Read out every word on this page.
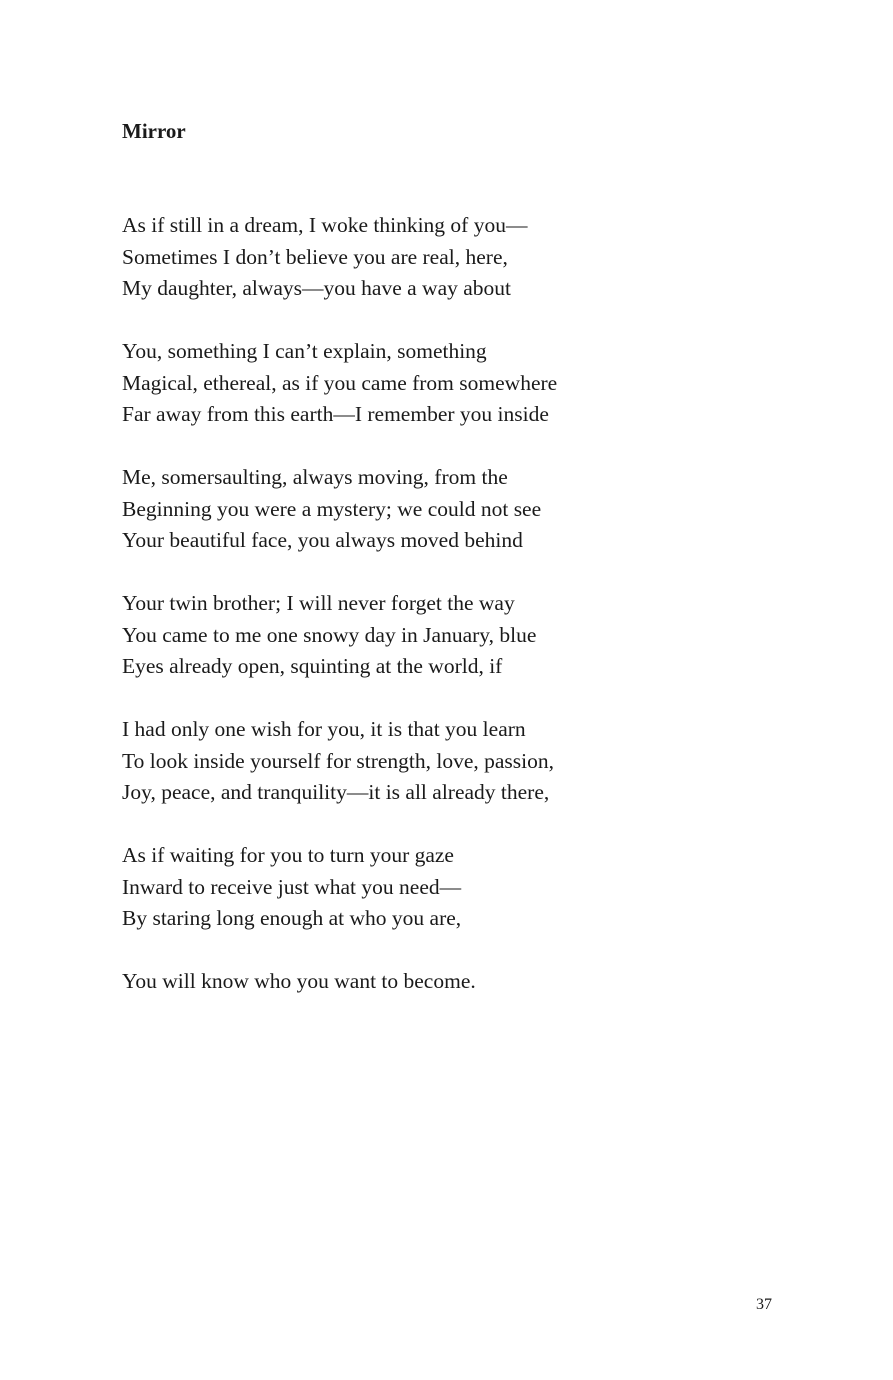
Mirror
As if still in a dream, I woke thinking of you—
Sometimes I don’t believe you are real, here,
My daughter, always—you have a way about
You, something I can’t explain, something
Magical, ethereal, as if you came from somewhere
Far away from this earth—I remember you inside
Me, somersaulting, always moving, from the
Beginning you were a mystery; we could not see
Your beautiful face, you always moved behind
Your twin brother; I will never forget the way
You came to me one snowy day in January, blue
Eyes already open, squinting at the world, if
I had only one wish for you, it is that you learn
To look inside yourself for strength, love, passion,
Joy, peace, and tranquility—it is all already there,
As if waiting for you to turn your gaze
Inward to receive just what you need—
By staring long enough at who you are,
You will know who you want to become.
37
